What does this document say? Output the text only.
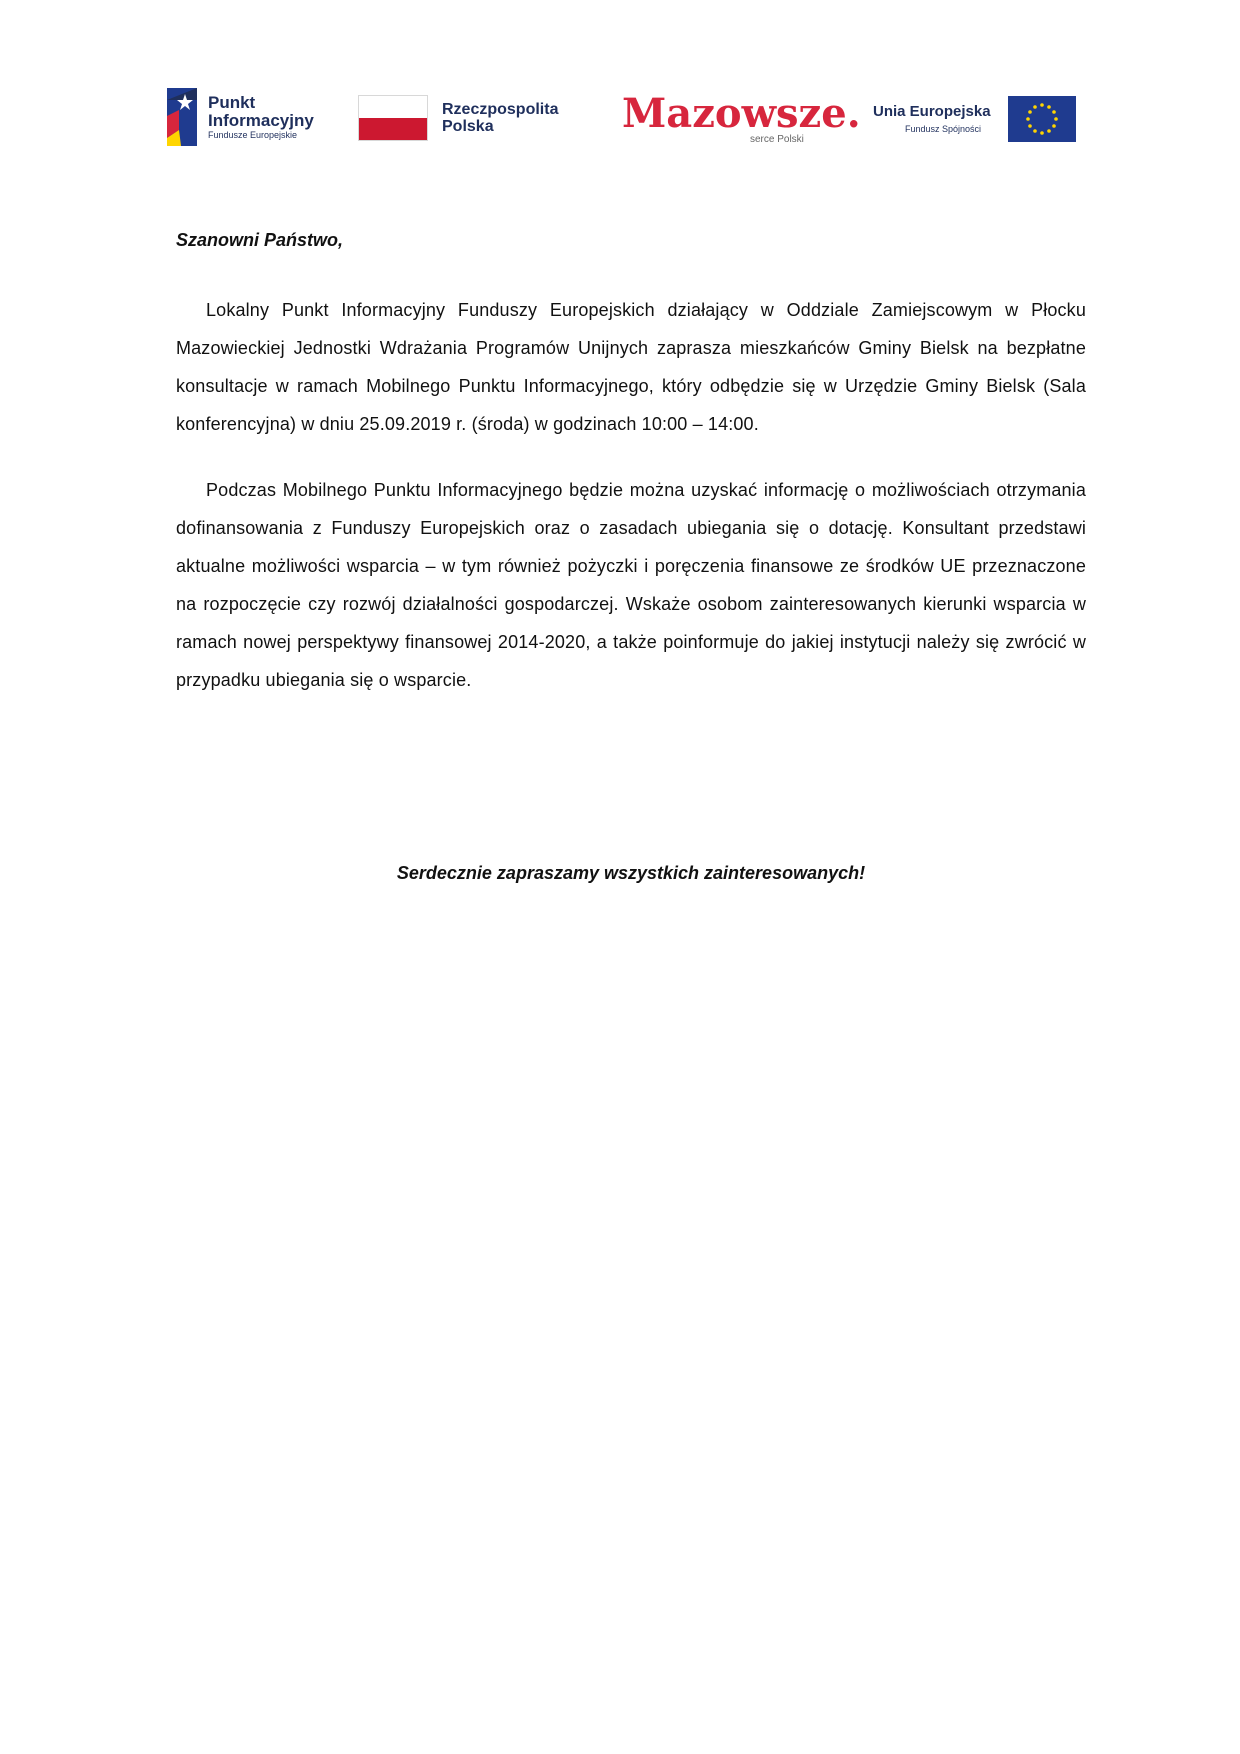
Punkt
Informacyjny
Fundusze Europejskie
Rzeczpospolita
Polska	Mazowsze.
serce Polski
Unia Europejska
Fundusz Spójności

Szanowni Państwo,

Lokalny Punkt Informacyjny Funduszy Europejskich działający w Oddziale Zamiejscowym w Płocku Mazowieckiej Jednostki Wdrażania Programów Unijnych zaprasza mieszkańców Gminy Bielsk na bezpłatne konsultacje w ramach Mobilnego Punktu Informacyjnego, który odbędzie się w Urzędzie Gminy Bielsk (Sala konferencyjna) w dniu 25.09.2019 r. (środa) w godzinach 10:00 – 14:00.

Podczas Mobilnego Punktu Informacyjnego będzie można uzyskać informację o możliwościach otrzymania dofinansowania z Funduszy Europejskich oraz o zasadach ubiegania się o dotację. Konsultant przedstawi aktualne możliwości wsparcia – w tym również pożyczki i poręczenia finansowe ze środków UE przeznaczone na rozpoczęcie czy rozwój działalności gospodarczej. Wskaże osobom zainteresowanych kierunki wsparcia w ramach nowej perspektywy finansowej 2014-2020, a także poinformuje do jakiej instytucji należy się zwrócić w przypadku ubiegania się o wsparcie.

Serdecznie zapraszamy wszystkich zainteresowanych!
